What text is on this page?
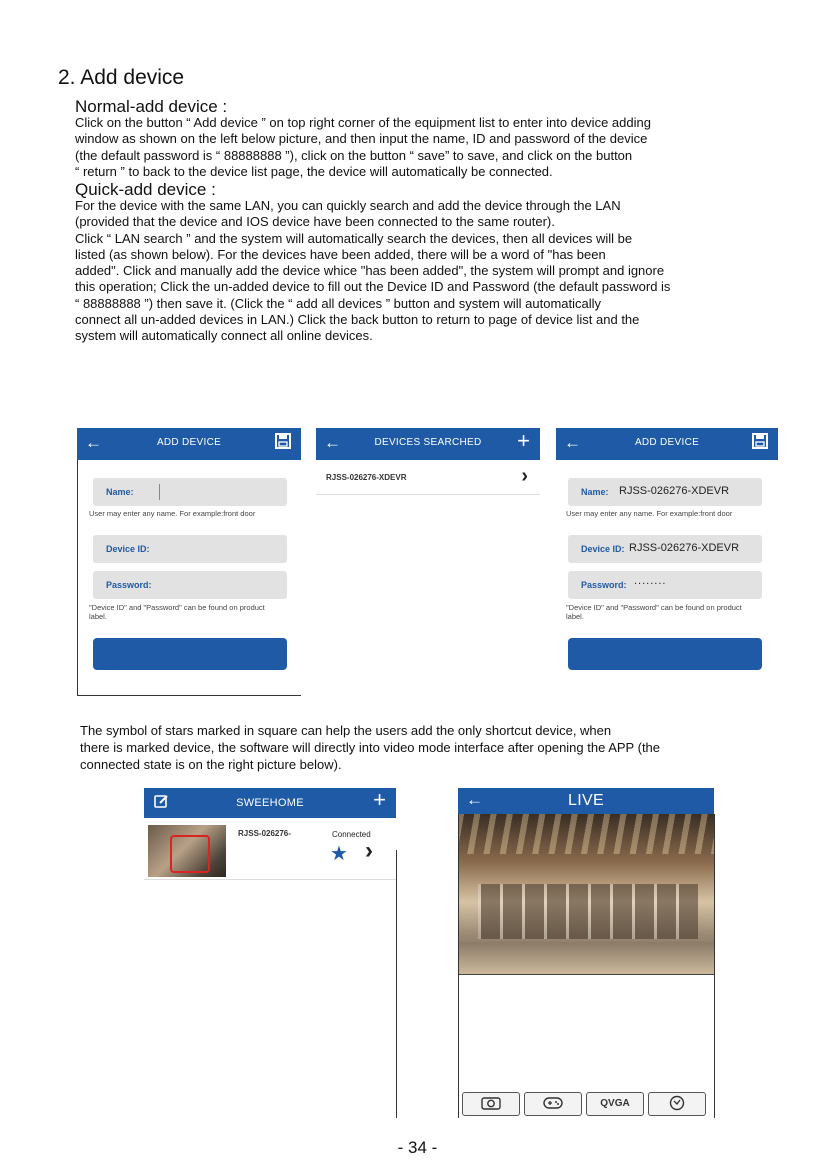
2. Add device
Normal-add device :

Click on the button “ Add device ” on top right corner of the equipment list to enter into device adding
window as shown on the left below picture, and then input the name, ID and password of the device
(the default password is “ 88888888 ”), click on the button “ save” to save, and click on the button
“ return ” to back to the device list page, the device will automatically be connected.

Quick-add device :

For the device with the same LAN, you can quickly search and add the device through the LAN
(provided that the device and IOS device have been connected to the same router).
Click “ LAN search ” and the system will automatically search the devices, then all devices will be
listed (as shown below). For the devices have been added, there will be a word of "has been
added". Click and manually add the device whice "has been added", the system will prompt and ignore
this operation; Click the un-added device to fill out the Device ID and Password (the default password is
“ 88888888 ”) then save it. (Click the “ add all devices ” button and system will automatically
connect all un-added devices in LAN.) Click the back button to return to page of device list and the
system will automatically connect all online devices.

←	ADD DEVICE
Name:
User may enter any name. For example:front door
Device ID:
Password:
"Device ID" and "Password" can be found on product label.
←	DEVICES SEARCHED	+
RJSS-026276-XDEVR	›
←	ADD DEVICE
Name: RJSS-026276-XDEVR
User may enter any name. For example:front door
Device ID: RJSS-026276-XDEVR
Password: ........
"Device ID" and "Password" can be found on product label.

The symbol of stars marked in square can help the users add the only shortcut device, when
there is marked device, the software will directly into video mode interface after opening the APP (the
connected state is on the right picture below).

SWEEHOME	+
RJSS-026276-	Connected
★ ›
←	LIVE
QVGA
- 34 -
